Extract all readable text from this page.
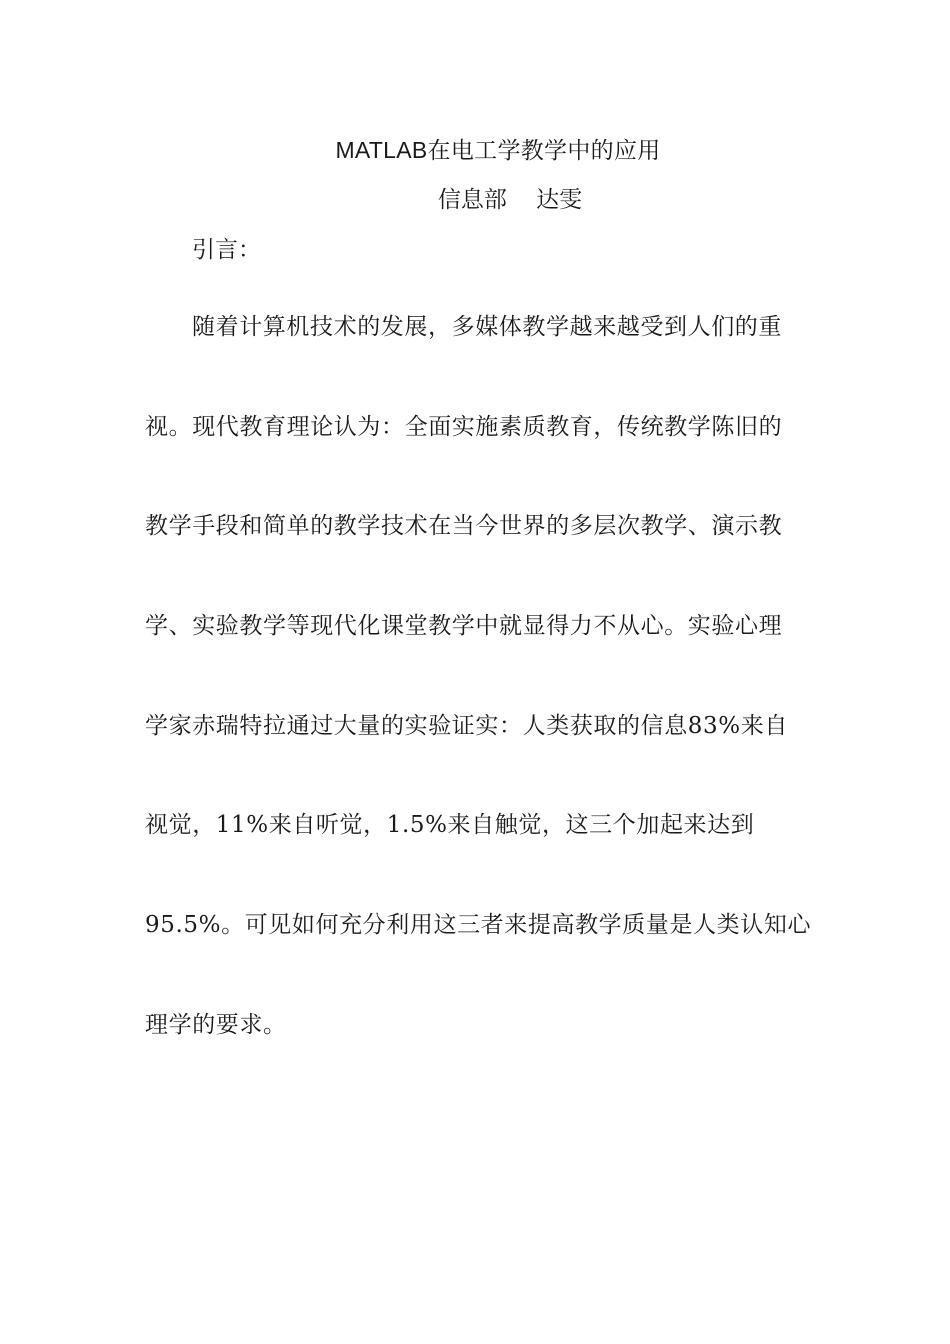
MATLAB在电工学教学中的应用
信息部    达雯
引言：
随着计算机技术的发展，多媒体教学越来越受到人们的重
视。现代教育理论认为：全面实施素质教育，传统教学陈旧的
教学手段和简单的教学技术在当今世界的多层次教学、演示教
学、实验教学等现代化课堂教学中就显得力不从心。实验心理
学家赤瑞特拉通过大量的实验证实：人类获取的信息83%来自
视觉，11%来自听觉，1.5%来自触觉，这三个加起来达到
95.5%。可见如何充分利用这三者来提高教学质量是人类认知心
理学的要求。
